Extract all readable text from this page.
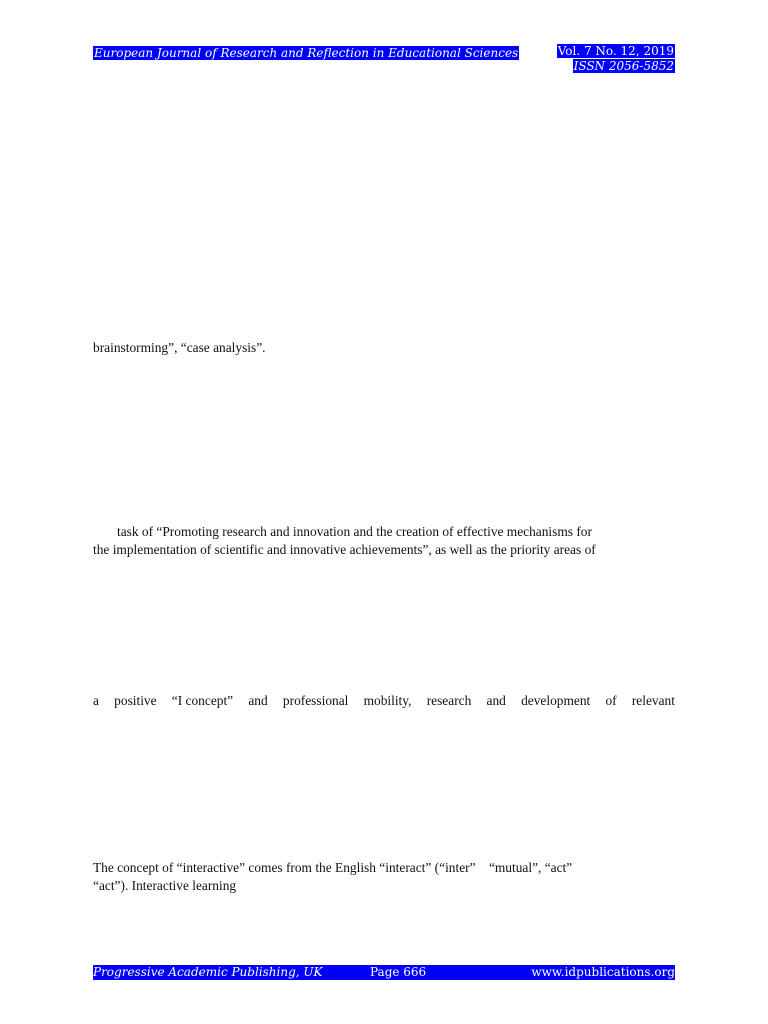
European Journal of Research and Reflection in Educational Sciences	Vol. 7 No. 12, 2019
ISSN 2056-5852
brainstorming”, “case analysis”.
task of “Promoting research and innovation and the creation of effective mechanisms for
the implementation of scientific and innovative achievements”, as well as the priority areas of
a positive “I concept” and professional mobility, research and development of relevant
The concept of “interactive” comes from the English “interact” (“inter”    “mutual”, “act”
“act”). Interactive learning
Progressive Academic Publishing, UK	Page 666	www.idpublications.org
